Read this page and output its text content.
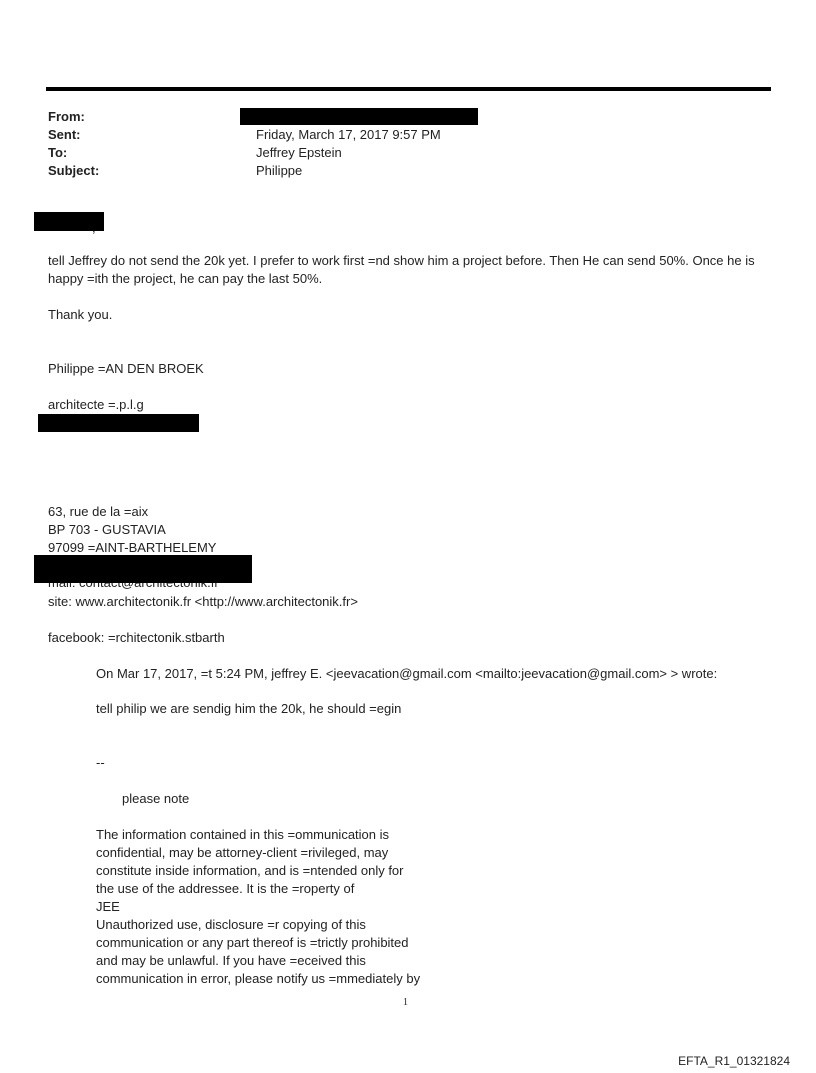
From:
Sent:	Friday, March 17, 2017 9:57 PM
To:	Jeffrey Epstein
Subject:	Philippe
tell Jeffrey do not send the 20k yet. I prefer to work first =nd show him a project before. Then He can send 50%. Once he is happy =ith the project, he can pay the last 50%.
Thank you.
Philippe =AN DEN BROEK
architecte =.p.l.g
63, rue de la =aix
BP 703 - GUSTAVIA
97099 =AINT-BARTHELEMY
site: www.architectonik.fr <http://www.architectonik.fr>
facebook: =rchitectonik.stbarth
On Mar 17, 2017, =t 5:24 PM, jeffrey E. <jeevacation@gmail.com <mailto:jeevacation@gmail.com> > wrote:
tell philip we are sendig him the 20k, he should =egin
--
please note
The information contained in this =ommunication is
confidential, may be attorney-client =rivileged, may
constitute inside information, and is =ntended only for
the use of the addressee. It is the =roperty of
JEE
Unauthorized use, disclosure =r copying of this
communication or any part thereof is =trictly prohibited
and may be unlawful. If you have =eceived this
communication in error, please notify us =mmediately by
1
EFTA_R1_01321824
